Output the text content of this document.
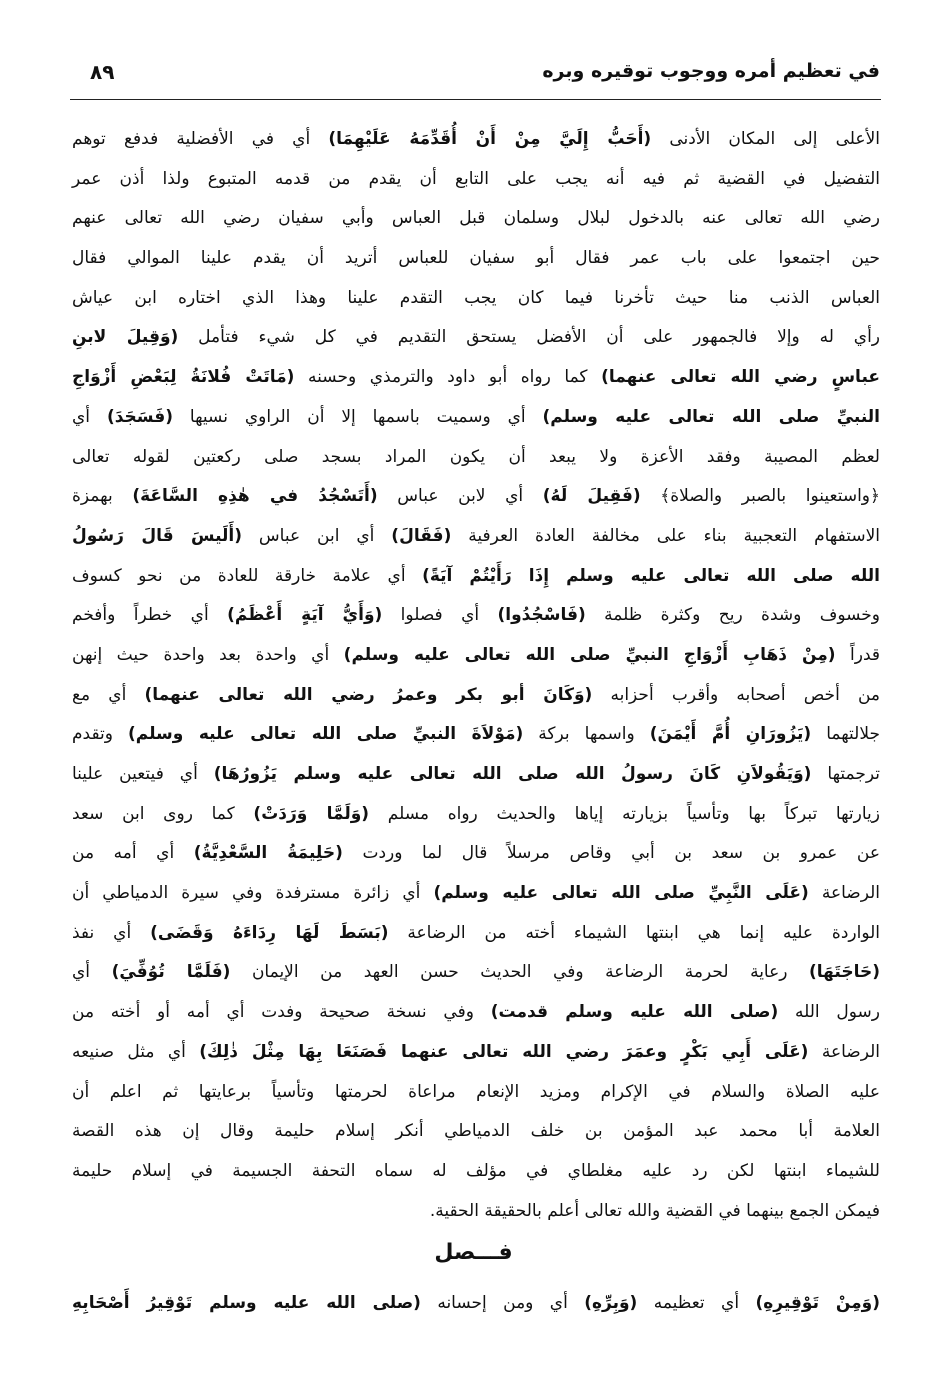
في تعظيم أمره ووجوب توقيره وبره
٨٩
الأعلى إلى المكان الأدنى (أَحَبُّ إِلَيَّ مِنْ أَنْ أُقَدِّمَهُ عَلَيْهِمَا) أي في الأفضلية فدفع توهم
التفضيل في القضية ثم فيه أنه يجب على التابع أن يقدم من قدمه المتبوع ولذا أذن عمر
رضي الله تعالى عنه بالدخول لبلال وسلمان قبل العباس وأبي سفيان رضي الله تعالى عنهم
حين اجتمعوا على باب عمر فقال أبو سفيان للعباس أتريد أن يقدم علينا الموالي فقال
العباس الذنب منا حيث تأخرنا فيما كان يجب التقدم علينا وهذا الذي اختاره ابن عياش
رأي له وإلا فالجمهور على أن الأفضل يستحق التقديم في كل شيء فتأمل (وَقِيلَ لابنِ
عباسٍ رضي الله تعالى عنهما) كما رواه أبو داود والترمذي وحسنه (مَاتَتْ فُلانَةُ لِبَعْضِ أَزْوَاجِ
النبيِّ صلى الله تعالى عليه وسلم) أي وسميت باسمها إلا أن الراوي نسيها (فَسَجَدَ) أي
لعظم المصيبة وفقد الأعزة ولا يبعد أن يكون المراد بسجد صلى ركعتين لقوله تعالى
﴿واستعينوا بالصبر والصلاة﴾ (فَقِيلَ لَهُ) أي لابن عباس (أَتَسْجُدُ في هٰذِهِ السَّاعَةَ) بهمزة
الاستفهام التعجبية بناء على مخالفة العادة العرفية (فَقَالَ) أي ابن عباس (أَلَيسَ قَالَ رَسُولُ
الله صلى الله تعالى عليه وسلم إِذَا رَأَيْتُمْ آيَةً) أي علامة خارقة للعادة من نحو كسوف
وخسوف وشدة ريح وكثرة ظلمة (فَاسْجُدُوا) أي فصلوا (وَأَيُّ آيَةٍ أَعْظَمُ) أي خطراً وأفخم
قدراً (مِنْ ذَهَابِ أَزْوَاجِ النبيِّ صلى الله تعالى عليه وسلم) أي واحدة بعد واحدة حيث إنهن
من أخص أصحابه وأقرب أحزابه (وَكَانَ أبو بكر وعمرُ رضي الله تعالى عنهما) أي مع
جلالتهما (يَزُورَانِ أُمَّ أَيْمَنَ) واسمها بركة (مَوْلاَةَ النبيِّ صلى الله تعالى عليه وسلم) وتقدم
ترجمتها (وَيَقُولاَنِ كَانَ رسولُ الله صلى الله تعالى عليه وسلم يَزُورُهَا) أي فيتعين علينا
زيارتها تبركاً بها وتأسياً بزيارته إياها والحديث رواه مسلم (وَلَمَّا وَرَدَتْ) كما روى ابن سعد
عن عمرو بن سعد بن أبي وقاص مرسلاً قال لما وردت (حَلِيمَةُ السَّعْدِيَّةُ) أي أمه من
الرضاعة (عَلَى النَّبِيِّ صلى الله تعالى عليه وسلم) أي زائرة مسترفدة وفي سيرة الدمياطي أن
الواردة عليه إنما هي ابنتها الشيماء أخته من الرضاعة (بَسَطَ لَهَا رِدَاءَهُ وَقَضَى) أي نفذ
(حَاجَتَهَا) رعاية لحرمة الرضاعة وفي الحديث حسن العهد من الإيمان (فَلَمَّا تُوُفِّيَ) أي
رسول الله (صلى الله عليه وسلم قدمت) وفي نسخة صحيحة وفدت أي أمه أو أخته من
الرضاعة (عَلَى أَبِي بَكْرٍ وعمَرَ رضي الله تعالى عنهما فَصَنَعَا بِهَا مِثْلَ ذٰلِكَ) أي مثل صنيعه
عليه الصلاة والسلام في الإكرام ومزيد الإنعام مراعاة لحرمتها وتأسياً برعايتها ثم اعلم أن
العلامة أبا محمد عبد المؤمن بن خلف الدمياطي أنكر إسلام حليمة وقال إن هذه القصة
للشيماء ابنتها لكن رد عليه مغلطاي في مؤلف له سماه التحفة الجسيمة في إسلام حليمة
فيمكن الجمع بينهما في القضية والله تعالى أعلم بالحقيقة الحقية.
فـــصل
(وَمِنْ تَوْقِيرِهِ) أي تعظيمه (وَبِرِّهِ) أي ومن إحسانه (صلى الله عليه وسلم تَوْقِيرُ أَصْحَابِهِ
